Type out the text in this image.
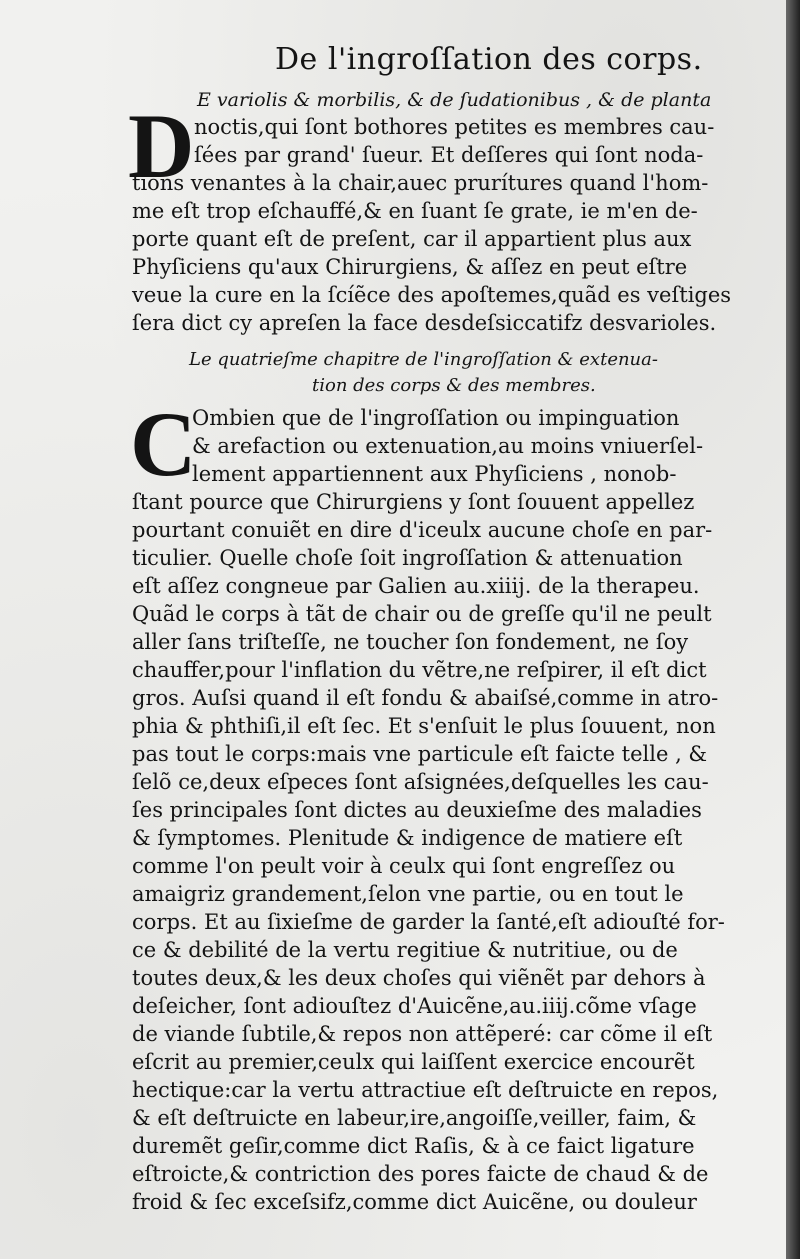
De l'ingroſſation des corps.
D
C
E variolis & morbilis, & de ſudationibus , & de planta
noctis,qui ſont bothores petites es membres cau-
ſées par grand' ſueur. Et deſſeres qui ſont noda-
tions venantes à la chair,auec prurítures quand l'hom-
me eſt trop eſchauffé,& en ſuant ſe grate, ie m'en de-
porte quant eſt de preſent, car il appartient plus aux
Phyſiciens qu'aux Chirurgiens, & aſſez en peut eſtre
veue la cure en la ſcíẽce des apoſtemes,quãd es veſtiges
ſera dict cy apreſen la face desdeſsiccatifz desvarioles.
Le quatrieſme chapitre de l'ingroſſation & extenua-
tion des corps & des membres.
Ombien que de l'ingroſſation ou impinguation
& arefaction ou extenuation,au moins vniuerſel-
lement appartiennent aux Phyſiciens , nonob-
ſtant pource que Chirurgiens y ſont ſouuent appellez
pourtant conuiẽt en dire d'iceulx aucune choſe en par-
ticulier. Quelle choſe ſoit ingroſſation & attenuation
eſt aſſez congneue par Galien au.xiiij. de la therapeu.
Quãd le corps à tãt de chair ou de greſſe qu'il ne peult
aller ſans triſteſſe, ne toucher ſon fondement, ne ſoy
chauffer,pour l'inflation du vẽtre,ne reſpirer, il eſt dict
gros. Auſsi quand il eſt fondu & abaiſsé,comme in atro-
phia & phthiſi,il eſt ſec. Et s'enſuit le plus ſouuent, non
pas tout le corps:mais vne particule eſt faicte telle , &
ſelõ ce,deux eſpeces ſont aſsignées,deſquelles les cau-
ſes principales ſont dictes au deuxieſme des maladies
& ſymptomes. Plenitude & indigence de matiere eſt
comme l'on peult voir à ceulx qui ſont engreſſez ou
amaigriz grandement,ſelon vne partie, ou en tout le
corps. Et au ſixieſme de garder la ſanté,eſt adiouſté for-
ce & debilité de la vertu regitiue & nutritiue, ou de
toutes deux,& les deux choſes qui viẽnẽt par dehors à
deſeicher, ſont adiouſtez d'Auicẽne,au.iiij.cõme vſage
de viande ſubtile,& repos non attẽperé: car cõme il eſt
eſcrit au premier,ceulx qui laiſſent exercice encourẽt
hectique:car la vertu attractiue eſt deſtruicte en repos,
& eſt deſtruicte en labeur,ire,angoiſſe,veiller, faim, &
duremẽt geſir,comme dict Raſis, & à ce faict ligature
eſtroicte,& contriction des pores faicte de chaud & de
froid & ſec exceſsifz,comme dict Auicẽne, ou douleur
